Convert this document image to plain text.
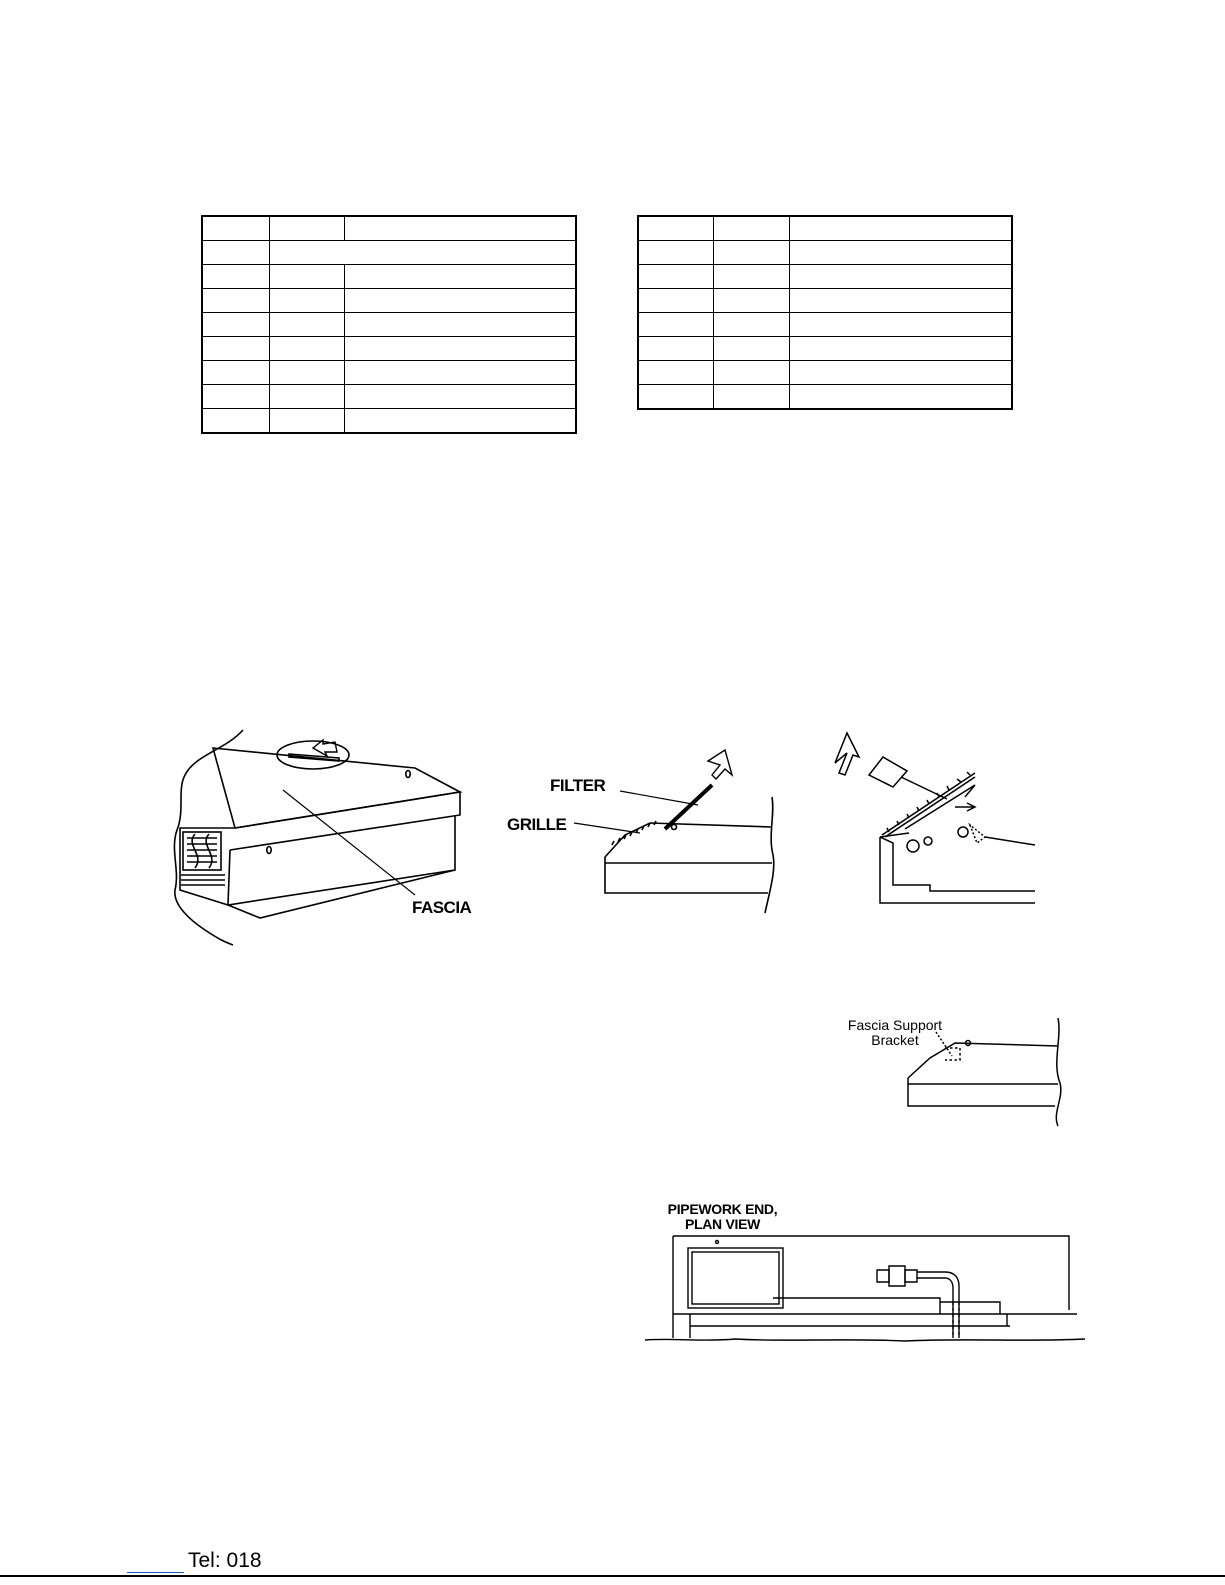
FASCIA
FILTER
GRILLE
Fascia Support
Bracket
PIPEWORK END,
PLAN VIEW
Tel: 018
